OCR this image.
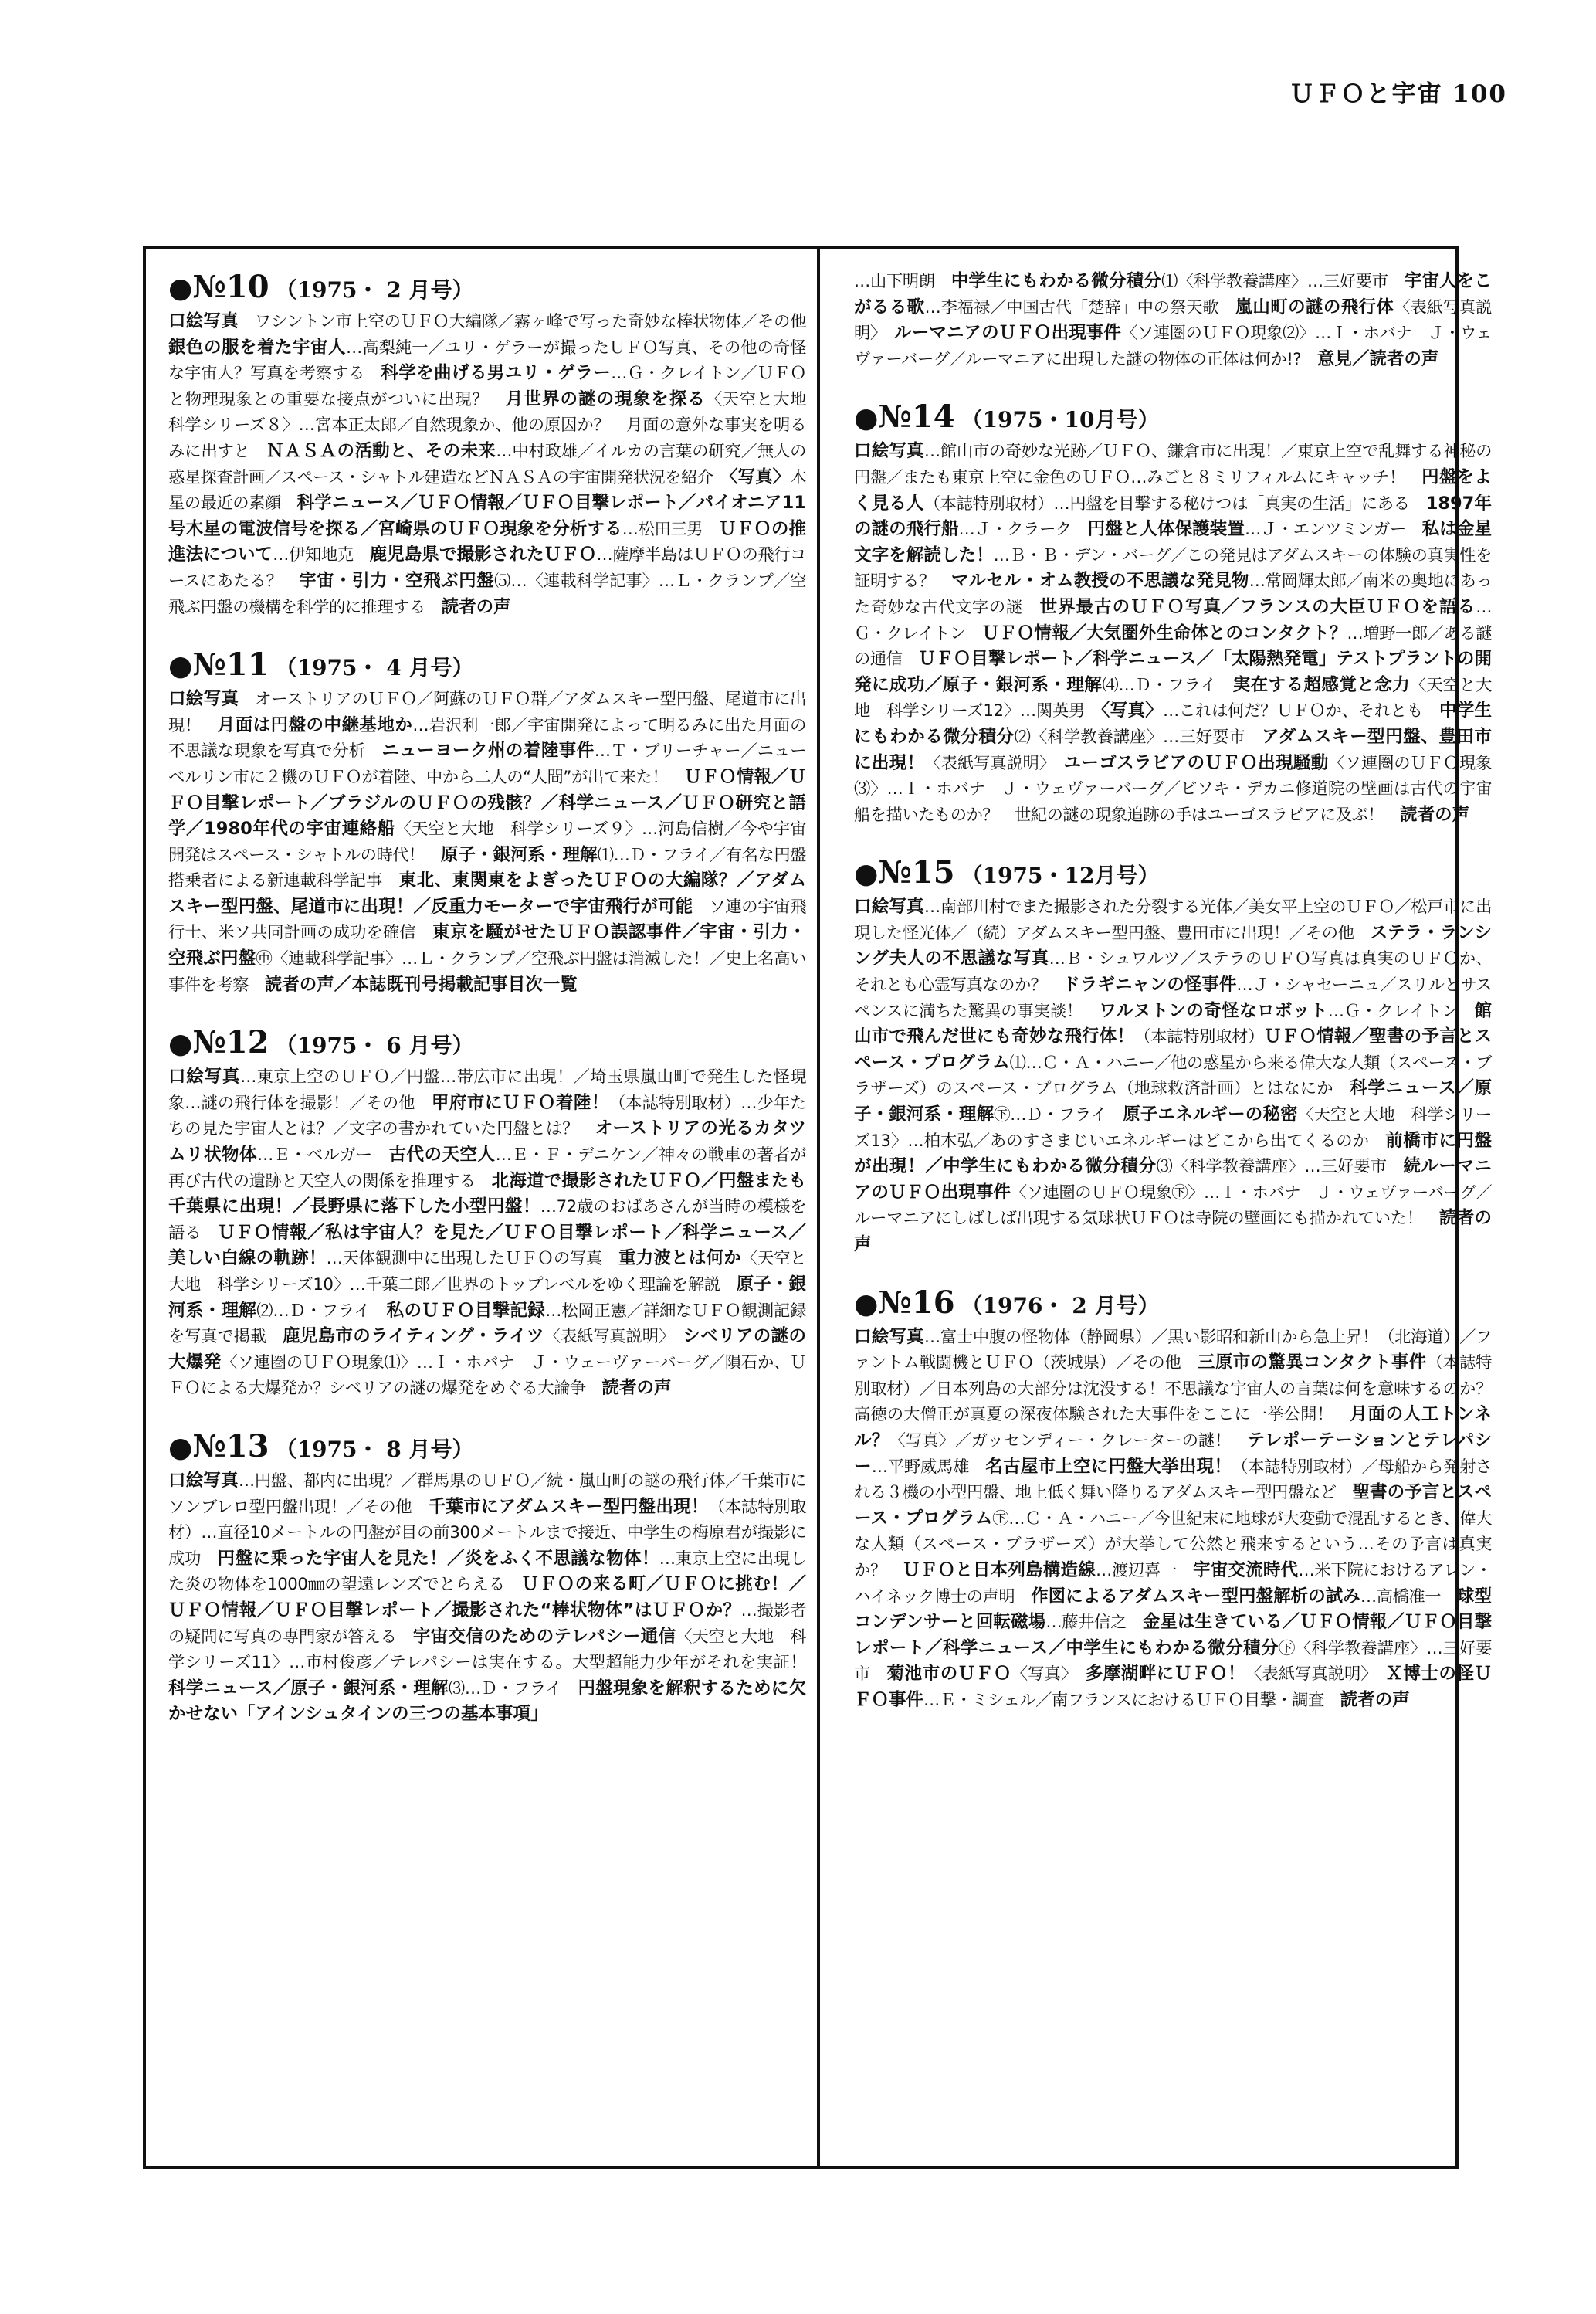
ＵＦＯと宇宙 100
●№10 （1975・ 2 月号）
口絵写真　ワシントン市上空のＵＦＯ大編隊／霧ヶ峰で写った奇妙な棒状物体／その他　銀色の服を着た宇宙人…高梨純一／ユリ・ゲラーが撮ったＵＦＯ写真、その他の奇怪な宇宙人？写真を考察する　科学を曲げる男ユリ・ゲラー…Ｇ・クレイトン／ＵＦＯと物理現象との重要な接点がついに出現？　月世界の謎の現象を探る〈天空と大地　科学シリーズ８〉…宮本正太郎／自然現象か、他の原因か？　月面の意外な事実を明るみに出すと　ＮＡＳＡの活動と、その未来…中村政雄／イルカの言葉の研究／無人の惑星探査計画／スペース・シャトル建造などＮＡＳＡの宇宙開発状況を紹介　〈写真〉木星の最近の素顔　科学ニュース／ＵＦＯ情報／ＵＦＯ目撃レポート／パイオニア11号木星の電波信号を探る／宮崎県のＵＦＯ現象を分析する…松田三男　ＵＦＯの推進法について…伊知地克　鹿児島県で撮影されたＵＦＯ…薩摩半島はＵＦＯの飛行コースにあたる？　宇宙・引力・空飛ぶ円盤⑸…〈連載科学記事〉…Ｌ・クランプ／空飛ぶ円盤の機構を科学的に推理する　読者の声
●№11 （1975・ 4 月号）
口絵写真　オーストリアのＵＦＯ／阿蘇のＵＦＯ群／アダムスキー型円盤、尾道市に出現！　月面は円盤の中継基地か…岩沢利一郎／宇宙開発によって明るみに出た月面の不思議な現象を写真で分析　ニューヨーク州の着陸事件…Ｔ・ブリーチャー／ニューベルリン市に２機のＵＦＯが着陸、中から二人の“人間”が出て来た！　ＵＦＯ情報／ＵＦＯ目撃レポート／ブラジルのＵＦＯの残骸？／科学ニュース／ＵＦＯ研究と語学／1980年代の宇宙連絡船〈天空と大地　科学シリーズ９〉…河島信樹／今や宇宙開発はスペース・シャトルの時代！　原子・銀河系・理解⑴…Ｄ・フライ／有名な円盤搭乗者による新連載科学記事　東北、東関東をよぎったＵＦＯの大編隊？／アダムスキー型円盤、尾道市に出現！／反重力モーターで宇宙飛行が可能　ソ連の宇宙飛行士、米ソ共同計画の成功を確信　東京を騒がせたＵＦＯ誤認事件／宇宙・引力・空飛ぶ円盤㊥〈連載科学記事〉…Ｌ・クランプ／空飛ぶ円盤は消滅した！／史上名高い事件を考察　読者の声／本誌既刊号掲載記事目次一覧
●№12 （1975・ 6 月号）
口絵写真…東京上空のＵＦＯ／円盤…帯広市に出現！／埼玉県嵐山町で発生した怪現象…謎の飛行体を撮影！／その他　甲府市にＵＦＯ着陸！（本誌特別取材）…少年たちの見た宇宙人とは？／文字の書かれていた円盤とは？　オーストリアの光るカタツムリ状物体…Ｅ・ベルガー　古代の天空人…Ｅ・Ｆ・デニケン／神々の戦車の著者が再び古代の遺跡と天空人の関係を推理する　北海道で撮影されたＵＦＯ／円盤またも千葉県に出現！／長野県に落下した小型円盤！…72歳のおばあさんが当時の模様を語る　ＵＦＯ情報／私は宇宙人？を見た／ＵＦＯ目撃レポート／科学ニュース／美しい白線の軌跡！…天体観測中に出現したＵＦＯの写真　重力波とは何か〈天空と大地　科学シリーズ10〉…千葉二郎／世界のトップレベルをゆく理論を解説　原子・銀河系・理解⑵…Ｄ・フライ　私のＵＦＯ目撃記録…松岡正憲／詳細なＵＦＯ観測記録を写真で掲載　鹿児島市のライティング・ライツ〈表紙写真説明〉　シベリアの謎の大爆発〈ソ連圏のＵＦＯ現象⑴〉…Ｉ・ホバナ　Ｊ・ウェーヴァーバーグ／隕石か、ＵＦＯによる大爆発か？シベリアの謎の爆発をめぐる大論争　読者の声
●№13 （1975・ 8 月号）
口絵写真…円盤、都内に出現？／群馬県のＵＦＯ／続・嵐山町の謎の飛行体／千葉市にソンブレロ型円盤出現！／その他　千葉市にアダムスキー型円盤出現！（本誌特別取材）…直径10メートルの円盤が目の前300メートルまで接近、中学生の梅原君が撮影に成功　円盤に乗った宇宙人を見た！／炎をふく不思議な物体！…東京上空に出現した炎の物体を1000㎜の望遠レンズでとらえる　ＵＦＯの来る町／ＵＦＯに挑む！／ＵＦＯ情報／ＵＦＯ目撃レポート／撮影された“棒状物体”はＵＦＯか？…撮影者の疑問に写真の専門家が答える　宇宙交信のためのテレパシー通信〈天空と大地　科学シリーズ11〉…市村俊彦／テレパシーは実在する。大型超能力少年がそれを実証！　科学ニュース／原子・銀河系・理解⑶…Ｄ・フライ　円盤現象を解釈するために欠かせない「アインシュタインの三つの基本事項」
…山下明朗　中学生にもわかる微分積分⑴〈科学教養講座〉…三好要市　宇宙人をこがるる歌…李福禄／中国古代「楚辞」中の祭天歌　嵐山町の謎の飛行体〈表紙写真説明〉　ルーマニアのＵＦＯ出現事件〈ソ連圏のＵＦＯ現象⑵〉…Ｉ・ホバナ　Ｊ・ウェヴァーバーグ／ルーマニアに出現した謎の物体の正体は何か!?　意見／読者の声
●№14 （1975・10月号）
口絵写真…館山市の奇妙な光跡／ＵＦＯ、鎌倉市に出現！／東京上空で乱舞する神秘の円盤／またも東京上空に金色のＵＦＯ…みごと８ミリフィルムにキャッチ！　円盤をよく見る人（本誌特別取材）…円盤を目撃する秘けつは「真実の生活」にある　1897年の謎の飛行船…Ｊ・クラーク　円盤と人体保護装置…Ｊ・エンツミンガー　私は金星文字を解読した！…Ｂ・Ｂ・デン・バーグ／この発見はアダムスキーの体験の真実性を証明する？　マルセル・オム教授の不思議な発見物…常岡輝太郎／南米の奥地にあった奇妙な古代文字の謎　世界最古のＵＦＯ写真／フランスの大臣ＵＦＯを語る…Ｇ・クレイトン　ＵＦＯ情報／大気圏外生命体とのコンタクト？…増野一郎／ある謎の通信　ＵＦＯ目撃レポート／科学ニュース／「太陽熱発電」テストプラントの開発に成功／原子・銀河系・理解⑷…Ｄ・フライ　実在する超感覚と念力〈天空と大地　科学シリーズ12〉…関英男　〈写真〉…これは何だ？ＵＦＯか、それとも　中学生にもわかる微分積分⑵〈科学教養講座〉…三好要市　アダムスキー型円盤、豊田市に出現！〈表紙写真説明〉　ユーゴスラビアのＵＦＯ出現騒動〈ソ連圏のＵＦＯ現象⑶〉…Ｉ・ホバナ　Ｊ・ウェヴァーバーグ／ビソキ・デカニ修道院の壁画は古代の宇宙船を描いたものか？　世紀の謎の現象追跡の手はユーゴスラビアに及ぶ！　読者の声
●№15 （1975・12月号）
口絵写真…南部川村でまた撮影された分裂する光体／美女平上空のＵＦＯ／松戸市に出現した怪光体／（続）アダムスキー型円盤、豊田市に出現！／その他　ステラ・ランシング夫人の不思議な写真…Ｂ・シュワルツ／ステラのＵＦＯ写真は真実のＵＦＯか、それとも心霊写真なのか？　ドラギニャンの怪事件…Ｊ・シャセーニュ／スリルとサスペンスに満ちた驚異の事実談！　ワルヌトンの奇怪なロボット…Ｇ・クレイトン　館山市で飛んだ世にも奇妙な飛行体！（本誌特別取材）ＵＦＯ情報／聖書の予言とスペース・プログラム⑴…Ｃ・Ａ・ハニー／他の惑星から来る偉大な人類（スペース・ブラザーズ）のスペース・プログラム（地球救済計画）とはなにか　科学ニュース／原子・銀河系・理解㊦…Ｄ・フライ　原子エネルギーの秘密〈天空と大地　科学シリーズ13〉…柏木弘／あのすさまじいエネルギーはどこから出てくるのか　前橋市に円盤が出現！／中学生にもわかる微分積分⑶〈科学教養講座〉…三好要市　続ルーマニアのＵＦＯ出現事件〈ソ連圏のＵＦＯ現象㊦〉…Ｉ・ホバナ　Ｊ・ウェヴァーバーグ／ルーマニアにしばしば出現する気球状ＵＦＯは寺院の壁画にも描かれていた！　読者の声
●№16 （1976・ 2 月号）
口絵写真…富士中腹の怪物体（静岡県）／黒い影昭和新山から急上昇！（北海道）／ファントム戦闘機とＵＦＯ（茨城県）／その他　三原市の驚異コンタクト事件（本誌特別取材）／日本列島の大部分は沈没する！不思議な宇宙人の言葉は何を意味するのか？高徳の大僧正が真夏の深夜体験された大事件をここに一挙公開！　月面の人工トンネル？〈写真〉／ガッセンディー・クレーターの謎！　テレポーテーションとテレパシー…平野威馬雄　名古屋市上空に円盤大挙出現！（本誌特別取材）／母船から発射される３機の小型円盤、地上低く舞い降りるアダムスキー型円盤など　聖書の予言とスペース・プログラム㊦…Ｃ・Ａ・ハニー／今世紀末に地球が大変動で混乱するとき、偉大な人類（スペース・ブラザーズ）が大挙して公然と飛来するという…その予言は真実か？　ＵＦＯと日本列島構造線…渡辺喜一　宇宙交流時代…米下院におけるアレン・ハイネック博士の声明　作図によるアダムスキー型円盤解析の試み…高橋准一　球型コンデンサーと回転磁場…藤井信之　金星は生きている／ＵＦＯ情報／ＵＦＯ目撃レポート／科学ニュース／中学生にもわかる微分積分㊦〈科学教養講座〉…三好要市　菊池市のＵＦＯ〈写真〉　多摩湖畔にＵＦＯ！〈表紙写真説明〉　Ｘ博士の怪ＵＦＯ事件…Ｅ・ミシェル／南フランスにおけるＵＦＯ目撃・調査　読者の声
